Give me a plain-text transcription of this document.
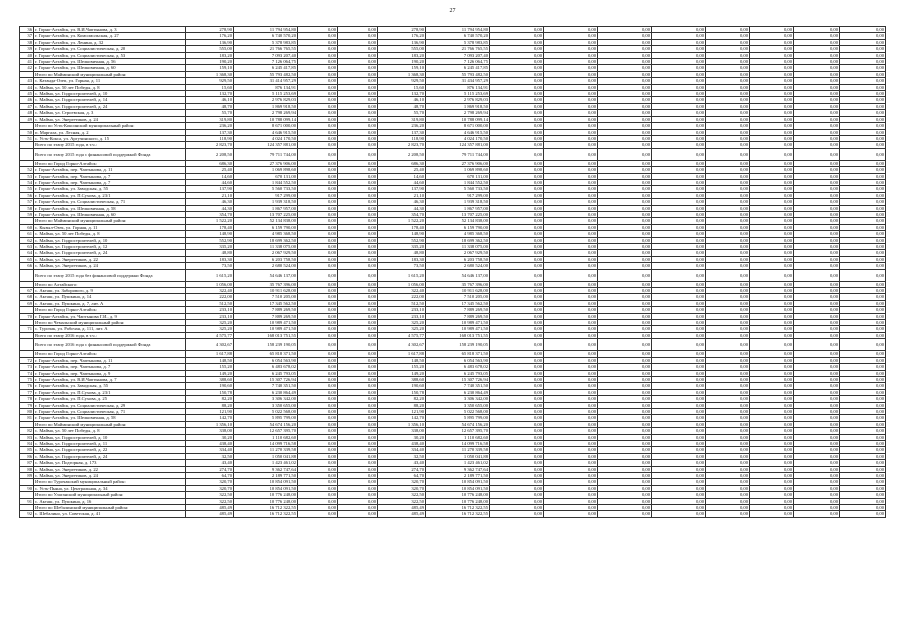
27
36	г. Горно-Алтайск, ул. В.И.Чаптынова, д. 3	278,90	11 794 954,80	0,00	0,00	278,90	11 794 954,80	0,00	0,00	0,00	0,00	0,00	0,00	0,00	0,00
37	г. Горно-Алтайск, ул. Комсомольская, д. 27	176,20	6 740 570,20	0,00	0,00	176,20	6 740 570,20	0,00	0,00	0,00	0,00	0,00	0,00	0,00	0,00
38	г. Горно-Алтайск, ул. Ленина, д. 32	136,90	5 378 983,85	0,00	0,00	136,90	5 378 983,85	0,00	0,00	0,00	0,00	0,00	0,00	0,00	0,00
39	г. Горно-Алтайск, ул. Социалистическая, д. 20	555,00	21 766 765,55	0,00	0,00	555,00	21 766 765,55	0,00	0,00	0,00	0,00	0,00	0,00	0,00	0,00
40	г. Горно-Алтайск, ул. Социалистическая, д. 53	183,20	7 093 207,40	0,00	0,00	183,20	7 093 207,40	0,00	0,00	0,00	0,00	0,00	0,00	0,00	0,00
41	г. Горно-Алтайск, ул. Шелковичная, д. 56	190,20	7 126 064,75	0,00	0,00	190,20	7 126 064,75	0,00	0,00	0,00	0,00	0,00	0,00	0,00	0,00
42	г. Горно-Алтайск, ул. Шелковичная, д. 60	159,10	6 245 417,85	0,00	0,00	159,10	6 245 417,85	0,00	0,00	0,00	0,00	0,00	0,00	0,00	0,00
	Итого по Майминский муниципальный район:	1 368,30	55 793 482,50	0,00	0,00	1 368,30	55 793 482,50	0,00	0,00	0,00	0,00	0,00	0,00	0,00	0,00
43	с. Катанда-Озеп, ул. Горная, д. 11	929,50	31 414 957,29	0,00	0,00	929,50	31 434 957,29	0,00	0,00	0,00	0,00	0,00	0,00	0,00	0,00
44	с. Майма, ул. 50 лет Победы, д. 8	15,60	876 134,91	0,00	0,00	15,60	876 134,91	0,00	0,00	0,00	0,00	0,00	0,00	0,00	0,00
45	с. Майма, ул. Гидростроителей, д. 10	132,70	5 115 253,69	0,00	0,00	132,70	5 115 253,69	0,00	0,00	0,00	0,00	0,00	0,00	0,00	0,00
46	с. Майма, ул. Гидростроителей, д. 14	46,10	2 976 829,03	0,00	0,00	46,10	2 976 829,03	0,00	0,00	0,00	0,00	0,00	0,00	0,00	0,00
47	с. Майма, ул. Гидростроителей, д. 24	48,70	1 869 918,50	0,00	0,00	48,70	1 869 918,50	0,00	0,00	0,00	0,00	0,00	0,00	0,00	0,00
48	с. Майма, ул. Строевская, д. 3	55,70	2 798 269,94	0,00	0,00	55,70	2 798 269,94	0,00	0,00	0,00	0,00	0,00	0,00	0,00	0,00
49	с. Майма, ул. Энергетиков, д. 24	319,80	10 788 099,14	0,00	0,00	319,80	10 788 099,14	0,00	0,00	0,00	0,00	0,00	0,00	0,00	0,00
	Итого по Усть-Коксинский муниципальный район:	236,20	8 671 000,00	0,00	0,00	236,20	8 671 000,00	0,00	0,00	0,00	0,00	0,00	0,00	0,00	0,00
50	п. Маргала, ул. Лесная, д. 2	137,30	4 646 915,50	0,00	0,00	137,30	4 646 915,50	0,00	0,00	0,00	0,00	0,00	0,00	0,00	0,00
51	с. Усть-Кокса, ул. Аргучинского, д. 15	118,90	4 024 170,50	0,00	0,00	118,90	4 024 170,50	0,00	0,00	0,00	0,00	0,00	0,00	0,00	0,00
	Всего по этапу 2015 года, в т.ч.:	2 823,70	124 357 881,00	0,00	0,00	2 823,70	124 357 881,00	0,00	0,00	0,00	0,00	0,00	0,00	0,00	0,00
	Всего по этапу 2015 года с финансовой поддержкой Фонда	2 208,50	79 711 744,00	0,00	0,00	2 208,50	79 711 744,00	0,00	0,00	0,00	0,00	0,00	0,00	0,00	0,00
	Итого по Город Горно-Алтайск:	686,30	27 376 906,00	0,00	0,00	686,30	27 376 906,00	0,00	0,00	0,00	0,00	0,00	0,00	0,00	0,00
52	г. Горно-Алтайск, пер. Чаптынова, д. 11	25,40	1 069 898,60	0,00	0,00	25,40	1 069 898,60	0,00	0,00	0,00	0,00	0,00	0,00	0,00	0,00
53	г. Горно-Алтайск, пер. Чаптынова, д. 7	14,60	670 131,00	0,00	0,00	14,60	670 131,00	0,00	0,00	0,00	0,00	0,00	0,00	0,00	0,00
54	г. Горно-Алтайск, пер. Чаптынова, д. 7	44,60	1 844 552,50	0,00	0,00	44,60	1 844 552,50	0,00	0,00	0,00	0,00	0,00	0,00	0,00	0,00
55	г. Горно-Алтайск, ул. Заводская, д. 55	137,90	5 560 733,50	0,00	0,00	137,90	5 560 733,50	0,00	0,00	0,00	0,00	0,00	0,00	0,00	0,00
56	г. Горно-Алтайск, ул. П.Сухова, д. 23/1	21,10	917 299,00	0,00	0,00	21,10	917 299,00	0,00	0,00	0,00	0,00	0,00	0,00	0,00	0,00
57	г. Горно-Алтайск, ул. Социалистическая, д. 71	46,30	1 939 318,50	0,00	0,00	46,30	1 939 318,50	0,00	0,00	0,00	0,00	0,00	0,00	0,00	0,00
58	г. Горно-Алтайск, ул. Шелковичная, д. 58	44,30	1 867 957,00	0,00	0,00	44,30	1 867 957,00	0,00	0,00	0,00	0,00	0,00	0,00	0,00	0,00
59	г. Горно-Алтайск, ул. Шелковичная, д. 60	354,70	13 707 225,00	0,00	0,00	354,70	13 707 225,00	0,00	0,00	0,00	0,00	0,00	0,00	0,00	0,00
	Итого по Майминский муниципальный район:	1 522,20	52 134 838,00	0,00	0,00	1 522,20	52 134 838,00	0,00	0,00	0,00	0,00	0,00	0,00	0,00	0,00
60	с. Кызыл-Озек, ул. Горная, д. 11	178,40	6 159 790,00	0,00	0,00	178,40	6 159 790,00	0,00	0,00	0,00	0,00	0,00	0,00	0,00	0,00
61	с. Майма, ул. 50 лет Победы, д. 8	148,90	4 985 368,50	0,00	0,00	148,90	4 985 368,50	0,00	0,00	0,00	0,00	0,00	0,00	0,00	0,00
62	с. Майма, ул. Гидростроителей, д. 10	552,90	18 699 362,50	0,00	0,00	552,90	18 699 362,50	0,00	0,00	0,00	0,00	0,00	0,00	0,00	0,00
63	с. Майма, ул. Гидростроителей, д. 12	335,20	11 338 075,00	0,00	0,00	335,20	11 338 075,00	0,00	0,00	0,00	0,00	0,00	0,00	0,00	0,00
64	с. Майма, ул. Гидростроителей, д. 24	48,80	2 067 929,50	0,00	0,00	48,80	2 067 929,50	0,00	0,00	0,00	0,00	0,00	0,00	0,00	0,00
65	с. Майма, ул. Энергетиков, д. 22	183,30	6 203 758,50	0,00	0,00	183,30	6 203 758,50	0,00	0,00	0,00	0,00	0,00	0,00	0,00	0,00
66	с. Майма, ул. Энергетиков, д. 24	73,50	2 680 524,00	0,00	0,00	73,50	2 680 524,00	0,00	0,00	0,00	0,00	0,00	0,00	0,00	0,00
	Всего по этапу 2015 года без финансовой поддержки Фонда	1 615,20	54 646 137,00	0,00	0,00	1 615,20	54 646 137,00	0,00	0,00	0,00	0,00	0,00	0,00	0,00	0,00
	Итого по Алтайского:	1 056,00	35 767 396,00	0,00	0,00	1 056,00	35 767 396,00	0,00	0,00	0,00	0,00	0,00	0,00	0,00	0,00
67	с. Акташ, ул. Заборового, д. 9	322,40	10 911 628,00	0,00	0,00	322,40	10 911 628,00	0,00	0,00	0,00	0,00	0,00	0,00	0,00	0,00
68	с. Акташ, ул. Пушкина, д. 14	222,00	7 510 205,00	0,00	0,00	222,00	7 510 205,00	0,00	0,00	0,00	0,00	0,00	0,00	0,00	0,00
69	с. Акташ, ул. Пушкина, д. 7, лит. А	512,50	17 345 562,50	0,00	0,00	512,50	17 345 562,50	0,00	0,00	0,00	0,00	0,00	0,00	0,00	0,00
	Итого по Город Горно-Алтайск:	233,10	7 889 269,50	0,00	0,00	233,10	7 889 269,50	0,00	0,00	0,00	0,00	0,00	0,00	0,00	0,00
70	г. Горно-Алтайск, ул. Чаптынова Г.И., д. 9	233,10	7 889 269,50	0,00	0,00	233,10	7 889 269,50	0,00	0,00	0,00	0,00	0,00	0,00	0,00	0,00
	Итого по Чемальский муниципальный район:	325,20	10 989 471,50	0,00	0,00	325,20	10 989 471,50	0,00	0,00	0,00	0,00	0,00	0,00	0,00	0,00
71	с. Турочак, ул. Рабочая, д. 111, лит. А	325,20	10 989 471,50	0,00	0,00	325,20	10 989 471,50	0,00	0,00	0,00	0,00	0,00	0,00	0,00	0,00
	Всего по этапу 2016 года, в т.ч.:	4 575,77	168 013 751,55	0,00	0,00	4 575,77	168 013 751,55	0,00	0,00	0,00	0,00	0,00	0,00	0,00	0,00
	Всего по этапу 2016 года с финансовой поддержкой Фонда	4 302,67	158 239 190,05	0,00	0,00	4 302,67	158 239 190,05	0,00	0,00	0,00	0,00	0,00	0,00	0,00	0,00
	Итого по Город Горно-Алтайск:	1 617,88	65 818 371,50	0,00	0,00	1 617,88	65 818 371,50	0,00	0,00	0,00	0,00	0,00	0,00	0,00	0,00
72	г. Горно-Алтайск, пер. Чаптынова, д. 11	148,50	6 054 563,90	0,00	0,00	148,50	6 054 563,90	0,00	0,00	0,00	0,00	0,00	0,00	0,00	0,00
73	г. Горно-Алтайск, пер. Чаптынова, д. 7	155,20	6 483 678,02	0,00	0,00	155,20	6 483 678,02	0,00	0,00	0,00	0,00	0,00	0,00	0,00	0,00
74	г. Горно-Алтайск, пер. Чаптынова, д. 9	149,20	6 245 793,05	0,00	0,00	149,20	6 245 793,05	0,00	0,00	0,00	0,00	0,00	0,00	0,00	0,00
75	г. Горно-Алтайск, ул. В.И.Чаптынова, д. 7	388,60	15 307 726,94	0,00	0,00	388,60	15 307 726,94	0,00	0,00	0,00	0,00	0,00	0,00	0,00	0,00
76	г. Горно-Алтайск, ул. Заводская, д. 55	190,60	7 740 351,50	0,00	0,00	190,60	7 740 351,50	0,00	0,00	0,00	0,00	0,00	0,00	0,00	0,00
77	г. Горно-Алтайск, ул. П.Сухова, д. 23/1	150,78	6 230 864,49	0,00	0,00	150,78	6 230 864,49	0,00	0,00	0,00	0,00	0,00	0,00	0,00	0,00
78	г. Горно-Алтайск, ул. П.Сухова, д. 25	82,20	3 306 342,00	0,00	0,00	82,20	3 306 342,00	0,00	0,00	0,00	0,00	0,00	0,00	0,00	0,00
79	г. Горно-Алтайск, ул. Социалистическая, д. 29	88,20	3 350 655,00	0,00	0,00	88,20	3 350 655,00	0,00	0,00	0,00	0,00	0,00	0,00	0,00	0,00
80	г. Горно-Алтайск, ул. Социалистическая, д. 71	121,90	5 022 568,00	0,00	0,00	121,90	5 022 568,00	0,00	0,00	0,00	0,00	0,00	0,00	0,00	0,00
81	г. Горно-Алтайск, ул. Шелковичная, д. 58	142,70	5 895 799,00	0,00	0,00	142,70	5 895 799,00	0,00	0,00	0,00	0,00	0,00	0,00	0,00	0,00
	Итого по Майминский муниципальный район:	1 356,10	54 674 156,20	0,00	0,00	1 356,10	54 674 156,20	0,00	0,00	0,00	0,00	0,00	0,00	0,00	0,00
82	с. Майма, ул. 50 лет Победы, д. 8	338,00	12 657 395,70	0,00	0,00	338,00	12 657 395,70	0,00	0,00	0,00	0,00	0,00	0,00	0,00	0,00
83	с. Майма, ул. Гидростроителей, д. 10	30,20	1 110 682,60	0,00	0,00	30,20	1 110 682,60	0,00	0,00	0,00	0,00	0,00	0,00	0,00	0,00
84	с. Майма, ул. Гидростроителей, д. 11	438,40	14 099 716,58	0,00	0,00	438,40	14 099 716,58	0,00	0,00	0,00	0,00	0,00	0,00	0,00	0,00
85	с. Майма, ул. Гидростроителей, д. 22	334,40	11 270 339,58	0,00	0,00	334,40	11 270 339,58	0,00	0,00	0,00	0,00	0,00	0,00	0,00	0,00
86	с. Майма, ул. Гидростроителей, д. 24	32,50	1 050 041,88	0,00	0,00	32,50	1 050 041,88	0,00	0,00	0,00	0,00	0,00	0,00	0,00	0,00
87	с. Майма, ул. Подгорная, д. 173	43,40	1 423 461,02	0,00	0,00	43,40	1 423 461,02	0,00	0,00	0,00	0,00	0,00	0,00	0,00	0,00
88	с. Майма, ул. Энергетиков, д. 22	274,70	9 362 747,64	0,00	0,00	274,70	9 362 747,64	0,00	0,00	0,00	0,00	0,00	0,00	0,00	0,00
89	с. Майма, ул. Энергетиков, д. 24	64,70	2 189 771,50	0,00	0,00	64,70	2 189 771,50	0,00	0,00	0,00	0,00	0,00	0,00	0,00	0,00
	Итого по Турочакский муниципальный район:	320,70	10 854 091,50	0,00	0,00	320,70	10 854 091,50	0,00	0,00	0,00	0,00	0,00	0,00	0,00	0,00
90	с. Усть-Пьяна, ул. Центральная, д. 34	320,70	10 854 091,50	0,00	0,00	320,70	10 854 091,50	0,00	0,00	0,00	0,00	0,00	0,00	0,00	0,00
	Итого по Улаганский муниципальный район:	322,50	10 776 248,00	0,00	0,00	322,50	10 776 248,00	0,00	0,00	0,00	0,00	0,00	0,00	0,00	0,00
91	с. Акташ, ул. Пушкина, д. 16	322,50	10 776 248,00	0,00	0,00	322,50	10 776 248,00	0,00	0,00	0,00	0,00	0,00	0,00	0,00	0,00
	Итого по Шебалинский муниципальный район:	485,49	16 712 322,55	0,00	0,00	485,49	16 712 322,55	0,00	0,00	0,00	0,00	0,00	0,00	0,00	0,00
92	с. Шебалино, ул. Советская, д. 41	485,49	16 712 322,55	0,00	0,00	485,49	16 712 322,55	0,00	0,00	0,00	0,00	0,00	0,00	0,00	0,00
